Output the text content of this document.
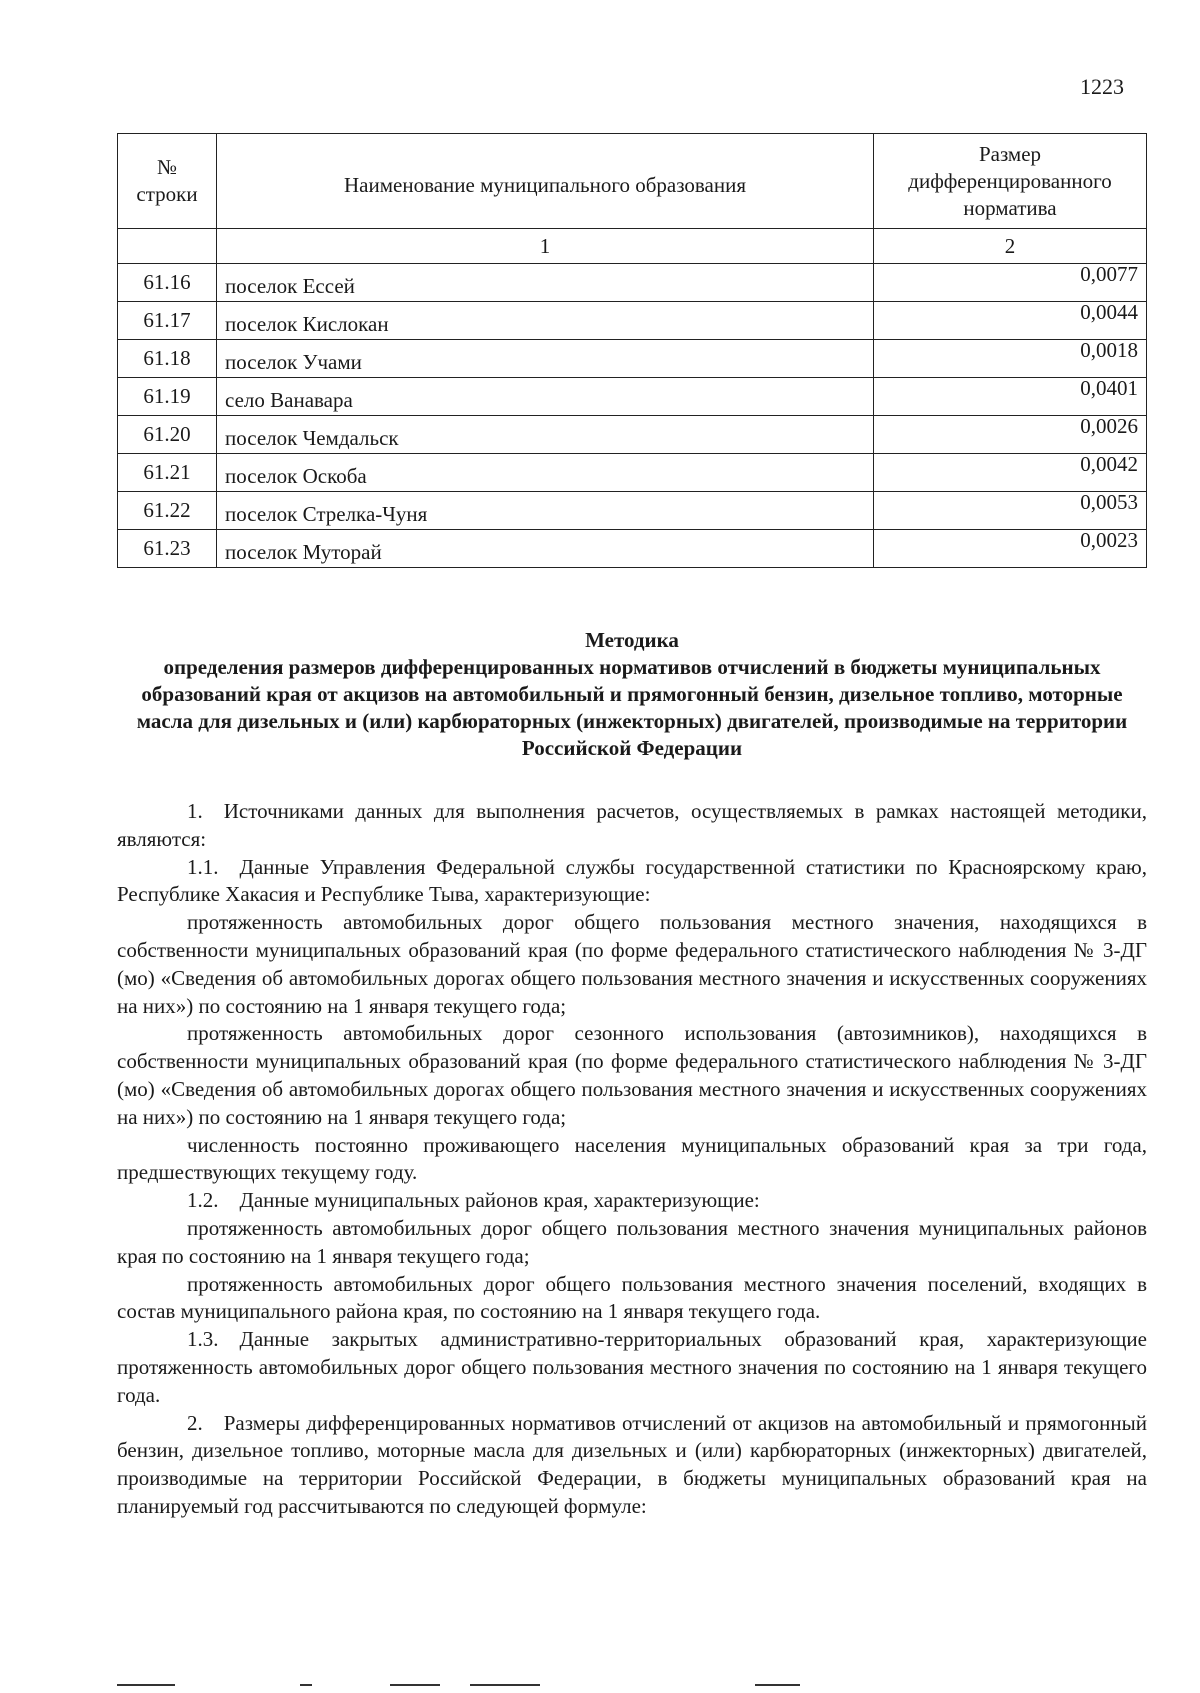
1223
№
строки	Наименование муниципального образования	Размер
дифференцированного
норматива
	1	2
61.16	поселок Ессей	0,0077
61.17	поселок Кислокан	0,0044
61.18	поселок Учами	0,0018
61.19	село Ванавара	0,0401
61.20	поселок Чемдальск	0,0026
61.21	поселок Оскоба	0,0042
61.22	поселок Стрелка-Чуня	0,0053
61.23	поселок Муторай	0,0023
Методика
определения размеров дифференцированных нормативов отчислений в бюджеты муниципальных образований края от акцизов на автомобильный и прямогонный бензин, дизельное топливо, моторные масла для дизельных и (или) карбюраторных (инжекторных) двигателей, производимые на территории Российской Федерации

1. Источниками данных для выполнения расчетов, осуществляемых в рамках настоящей методики, являются:

1.1. Данные Управления Федеральной службы государственной статистики по Красноярскому краю, Республике Хакасия и Республике Тыва, характеризующие:

протяженность автомобильных дорог общего пользования местного значения, находящихся в собственности муниципальных образований края (по форме федерального статистического наблюдения № 3-ДГ (мо) «Сведения об автомобильных дорогах общего пользования местного значения и искусственных сооружениях на них») по состоянию на 1 января текущего года;

протяженность автомобильных дорог сезонного использования (автозимников), находящихся в собственности муниципальных образований края (по форме федерального статистического наблюдения № 3-ДГ (мо) «Сведения об автомобильных дорогах общего пользования местного значения и искусственных сооружениях на них») по состоянию на 1 января текущего года;

численность постоянно проживающего населения муниципальных образований края за три года, предшествующих текущему году.

1.2. Данные муниципальных районов края, характеризующие:

протяженность автомобильных дорог общего пользования местного значения муниципальных районов края по состоянию на 1 января текущего года;

протяженность автомобильных дорог общего пользования местного значения поселений, входящих в состав муниципального района края, по состоянию на 1 января текущего года.

1.3. Данные закрытых административно-территориальных образований края, характеризующие протяженность автомобильных дорог общего пользования местного значения по состоянию на 1 января текущего года.

2. Размеры дифференцированных нормативов отчислений от акцизов на автомобильный и прямогонный бензин, дизельное топливо, моторные масла для дизельных и (или) карбюраторных (инжекторных) двигателей, производимые на территории Российской Федерации, в бюджеты муниципальных образований края на планируемый год рассчитываются по следующей формуле:
